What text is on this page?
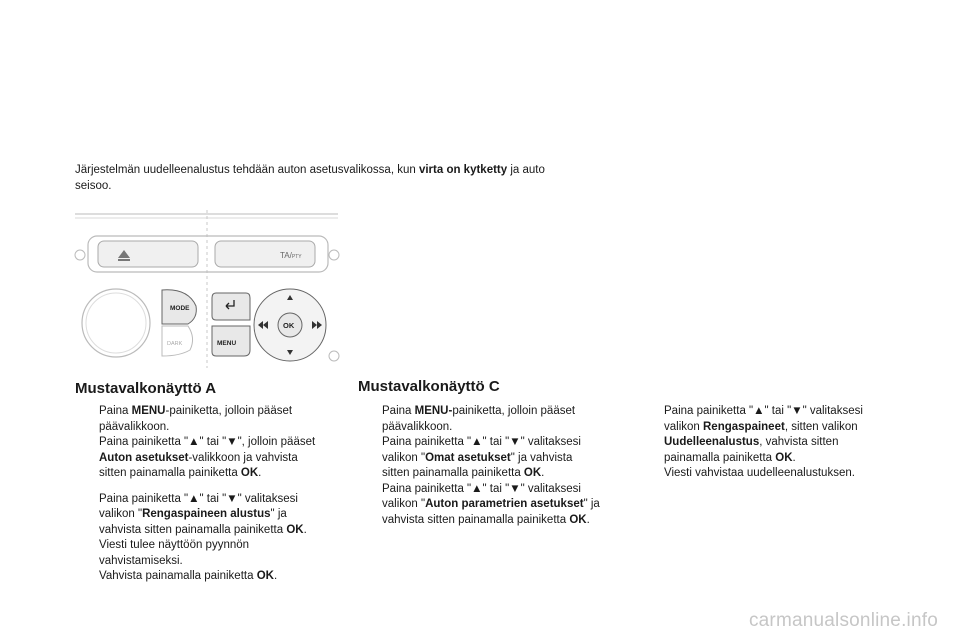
Järjestelmän uudelleenalustus tehdään auton asetusvalikossa, kun virta on kytketty ja auto
seisoo.
TA/PTY
MODE
DARK	MENU
OK
Mustavalkonäyttö A	Mustavalkonäyttö C
Paina MENU-painiketta, jolloin pääset
päävalikkoon.
Paina painiketta "▲" tai "▼", jolloin pääset
Auton asetukset-valikkoon ja vahvista
sitten painamalla painiketta OK.
Paina painiketta "▲" tai "▼" valitaksesi
valikon "Rengaspaineen alustus" ja
vahvista sitten painamalla painiketta OK.
Viesti tulee näyttöön pyynnön
vahvistamiseksi.
Vahvista painamalla painiketta OK.
Paina MENU-painiketta, jolloin pääset
päävalikkoon.
Paina painiketta "▲" tai "▼" valitaksesi
valikon "Omat asetukset" ja vahvista
sitten painamalla painiketta OK.
Paina painiketta "▲" tai "▼" valitaksesi
valikon "Auton parametrien asetukset" ja
vahvista sitten painamalla painiketta OK.
Paina painiketta "▲" tai "▼" valitaksesi
valikon Rengaspaineet, sitten valikon
Uudelleenalustus, vahvista sitten
painamalla painiketta OK.
Viesti vahvistaa uudelleenalustuksen.
carmanualsonline.info
